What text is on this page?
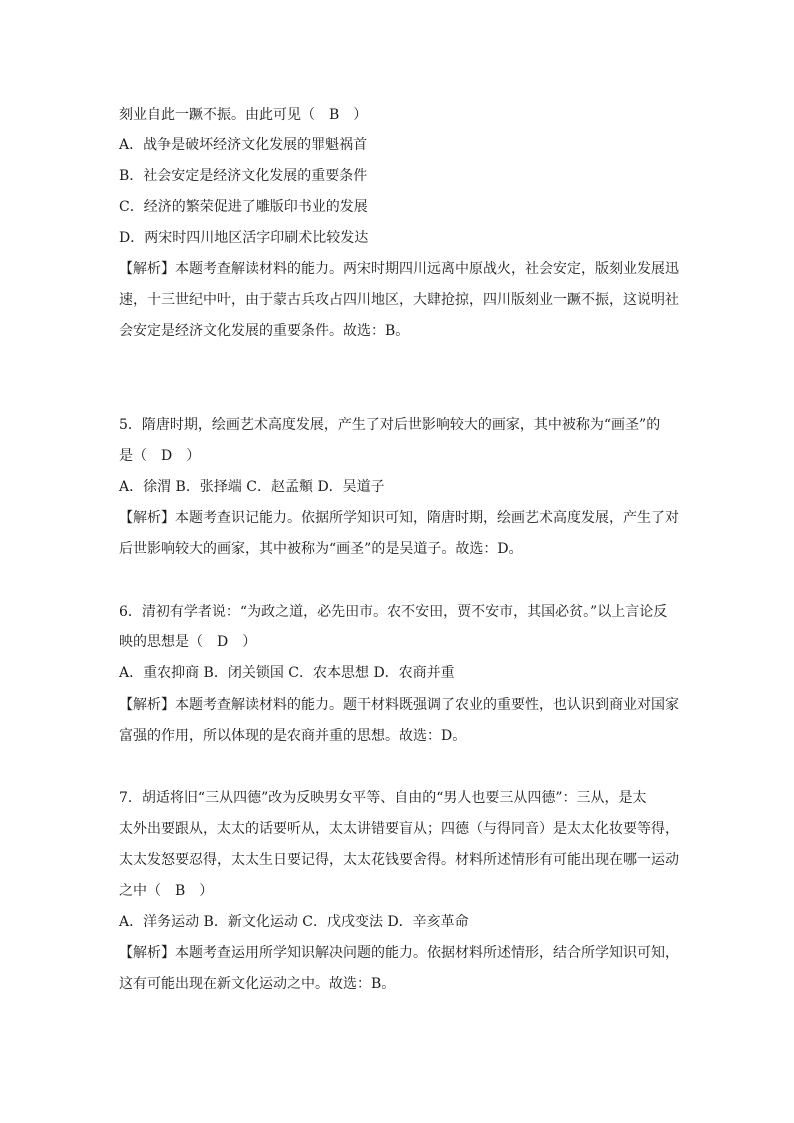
刻业自此一蹶不振。由此可见（　B　）
A．战争是破坏经济文化发展的罪魁祸首
B．社会安定是经济文化发展的重要条件
C．经济的繁荣促进了雕版印书业的发展
D．两宋时四川地区活字印刷术比较发达
【解析】本题考查解读材料的能力。两宋时期四川远离中原战火，社会安定，版刻业发展迅
速，十三世纪中叶，由于蒙古兵攻占四川地区，大肆抢掠，四川版刻业一蹶不振，这说明社
会安定是经济文化发展的重要条件。故选：B。
5．隋唐时期，绘画艺术高度发展，产生了对后世影响较大的画家，其中被称为“画圣”的
是（　D　）
A．徐渭 B．张择端 C．赵孟頫 D．吴道子
【解析】本题考查识记能力。依据所学知识可知，隋唐时期，绘画艺术高度发展，产生了对
后世影响较大的画家，其中被称为“画圣”的是吴道子。故选：D。
6．清初有学者说：“为政之道，必先田市。农不安田，贾不安市，其国必贫。”以上言论反
映的思想是（　D　）
A．重农抑商 B．闭关锁国 C．农本思想 D．农商并重
【解析】本题考查解读材料的能力。题干材料既强调了农业的重要性，也认识到商业对国家
富强的作用，所以体现的是农商并重的思想。故选：D。
7．胡适将旧“三从四德”改为反映男女平等、自由的“男人也要三从四德”：三从，是太
太外出要跟从，太太的话要听从，太太讲错要盲从；四德（与得同音）是太太化妆要等得，
太太发怒要忍得，太太生日要记得，太太花钱要舍得。材料所述情形有可能出现在哪一运动
之中（　B　）
A．洋务运动 B．新文化运动 C．戊戌变法 D．辛亥革命
【解析】本题考查运用所学知识解决问题的能力。依据材料所述情形，结合所学知识可知，
这有可能出现在新文化运动之中。故选：B。
